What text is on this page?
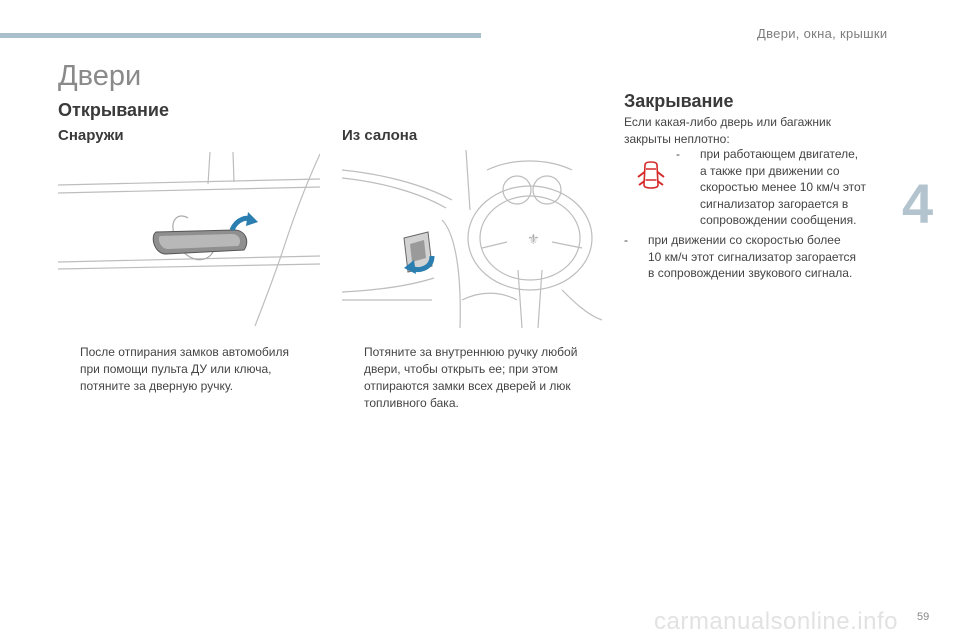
Двери, окна, крышки
4
Двери
Открывание
Снаружи	Из салона
Закрывание
⚜
После отпирания замков автомобиля
при помощи пульта ДУ или ключа,
потяните за дверную ручку.
Потяните за внутреннюю ручку любой
двери, чтобы открыть ее; при этом
отпираются замки всех дверей и люк
топливного бака.
Если какая-либо дверь или багажник
закрыты неплотно:
- при работающем двигателе,
а также при движении со
скоростью менее 10 км/ч этот
сигнализатор загорается в
сопровождении сообщения.
- при движении со скоростью более
10 км/ч этот сигнализатор загорается
в сопровождении звукового сигнала.
carmanualsonline.info 59
